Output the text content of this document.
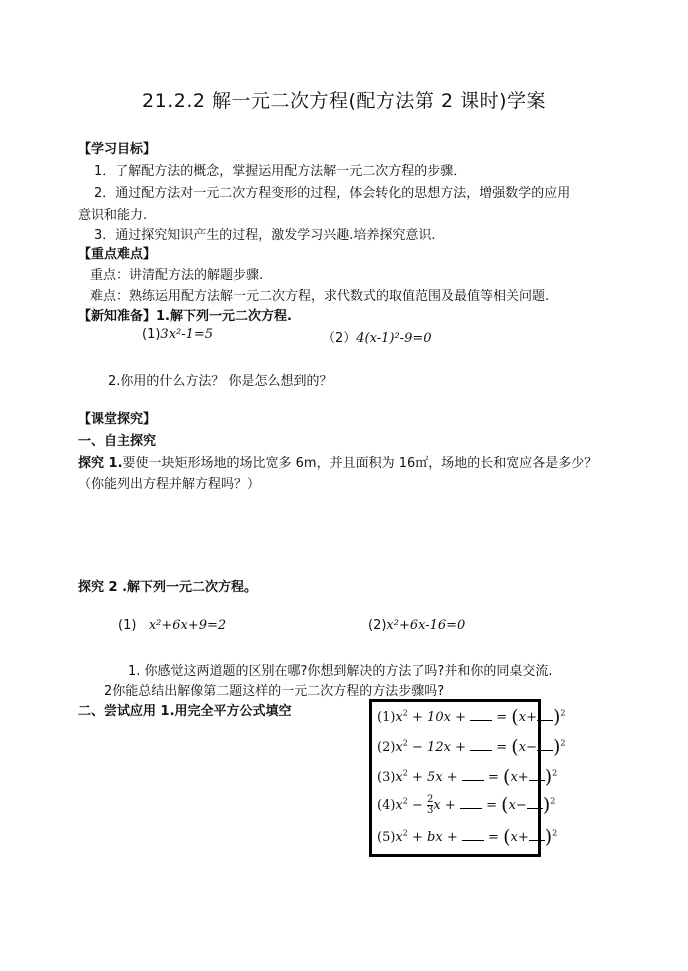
21.2.2 解一元二次方程(配方法第 2 课时)学案
【学习目标】
1．了解配方法的概念，掌握运用配方法解一元二次方程的步骤．
2．通过配方法对一元二次方程变形的过程，体会转化的思想方法，增强数学的应用
意识和能力.
3．通过探究知识产生的过程，激发学习兴趣.培养探究意识.
【重点难点】
重点：讲清配方法的解题步骤.
难点：熟练运用配方法解一元二次方程，求代数式的取值范围及最值等相关问题.
【新知准备】1.解下列一元二次方程.
(1)3x²-1=5	（2）4(x-1)²-9=0
2.你用的什么方法？ 你是怎么想到的？
【课堂探究】
一、自主探究
探究 1.要使一块矩形场地的场比宽多 6m，并且面积为 16㎡，场地的长和宽应各是多少？
（你能列出方程并解方程吗？）
探究 2 .解下列一元二次方程。
(1) x²+6x+9=2	(2)x²+6x-16=0
1. 你感觉这两道题的区别在哪?你想到解决的方法了吗?并和你的同桌交流.
2你能总结出解像第二题这样的一元二次方程的方法步骤吗?
二、尝试应用 1.用完全平方公式填空	$(1)x^2 + 10x$ + = $(x+ )^2$
$(2)x^2 - 12x$ + = $(x- )^2$
$(3)x^2 + 5x$ + = $(x+ )^2$
$(4)x^2 - \frac{2}{3}$ x + = $(x- )^2$
$(5)x^2$ + bx + = $(x+ )^2$
